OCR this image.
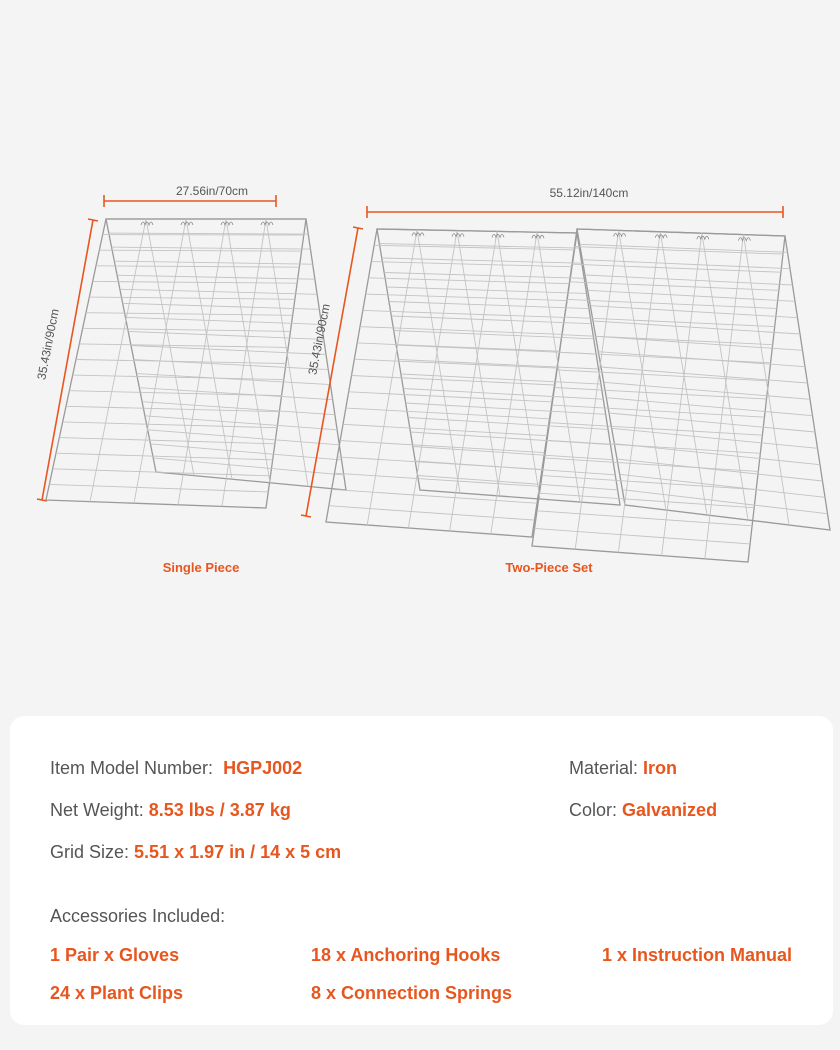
27.56in/70cm
35.43in/90cm
Single Piece
55.12in/140cm
35.43in/90cm
Two-Piece Set
Item Model Number: HGPJ002
Net Weight: 8.53 lbs / 3.87 kg
Grid Size: 5.51 x 1.97 in / 14 x 5 cm
Material: Iron
Color: Galvanized
Accessories Included:
1 Pair x Gloves	18 x Anchoring Hooks	1 x Instruction Manual
24 x Plant Clips	8 x Connection Springs
